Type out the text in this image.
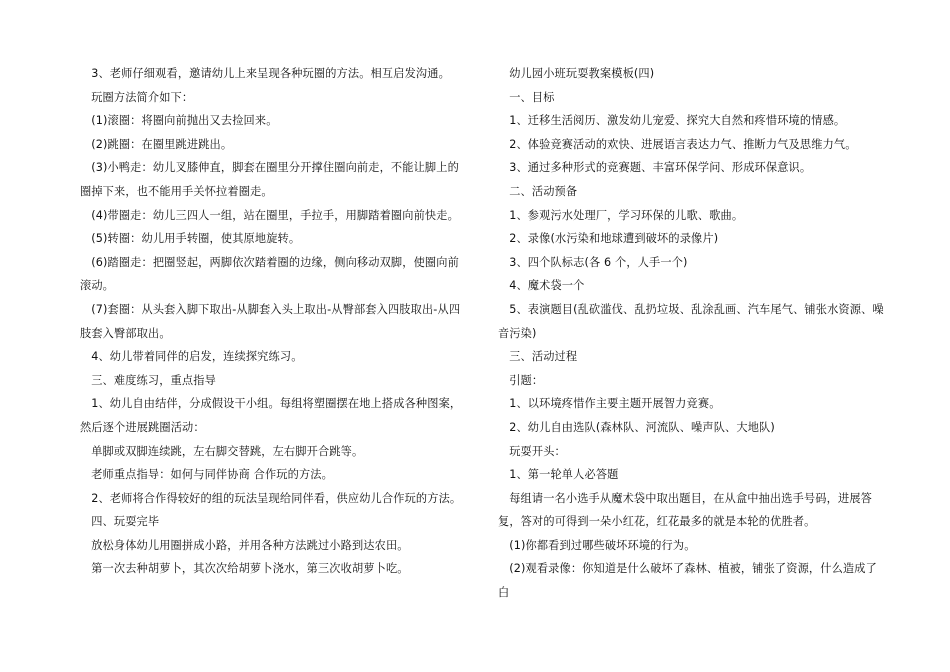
3、老师仔细观看，邀请幼儿上来呈现各种玩圈的方法。相互启发沟通。

玩圈方法简介如下：

(1)滚圈：将圈向前抛出又去捡回来。

(2)跳圈：在圈里跳进跳出。

(3)小鸭走：幼儿叉膝伸直，脚套在圈里分开撑住圈向前走，不能让脚上的圈掉下来，也不能用手关怀拉着圈走。

(4)带圈走：幼儿三四人一组，站在圈里，手拉手，用脚踏着圈向前快走。

(5)转圈：幼儿用手转圈，使其原地旋转。

(6)踏圈走：把圈竖起，两脚依次踏着圈的边缘，侧向移动双脚，使圈向前滚动。

(7)套圈：从头套入脚下取出-从脚套入头上取出-从臀部套入四肢取出-从四肢套入臀部取出。

4、幼儿带着同伴的启发，连续探究练习。

三、难度练习，重点指导

1、幼儿自由结伴，分成假设干小组。每组将塑圈摆在地上搭成各种图案，然后逐个进展跳圈活动：

单脚或双脚连续跳，左右脚交替跳，左右脚开合跳等。

老师重点指导：如何与同伴协商 合作玩的方法。

2、老师将合作得较好的组的玩法呈现给同伴看，供应幼儿合作玩的方法。

四、玩耍完毕

放松身体幼儿用圈拼成小路，并用各种方法跳过小路到达农田。

第一次去种胡萝卜，其次次给胡萝卜浇水，第三次收胡萝卜吃。

幼儿园小班玩耍教案模板(四)

一、目标

1、迁移生活阅历、激发幼儿宠爱、探究大自然和疼惜环境的情感。

2、体验竞赛活动的欢快、进展语言表达力气、推断力气及思维力气。

3、通过多种形式的竞赛题、丰富环保学问、形成环保意识。

二、活动预备

1、参观污水处理厂，学习环保的儿歌、歌曲。

2、录像(水污染和地球遭到破坏的录像片)

3、四个队标志(各 6 个，人手一个)

4、魔术袋一个

5、表演题目(乱砍滥伐、乱扔垃圾、乱涂乱画、汽车尾气、铺张水资源、噪音污染)

三、活动过程

引题：

1、以环境疼惜作主要主题开展智力竞赛。

2、幼儿自由选队(森林队、河流队、噪声队、大地队)

玩耍开头：

1、第一轮单人必答题

每组请一名小选手从魔术袋中取出题目，在从盒中抽出选手号码，进展答复，答对的可得到一朵小红花，红花最多的就是本轮的优胜者。

(1)你都看到过哪些破坏环境的行为。

(2)观看录像：你知道是什么破坏了森林、植被，铺张了资源，什么造成了白
